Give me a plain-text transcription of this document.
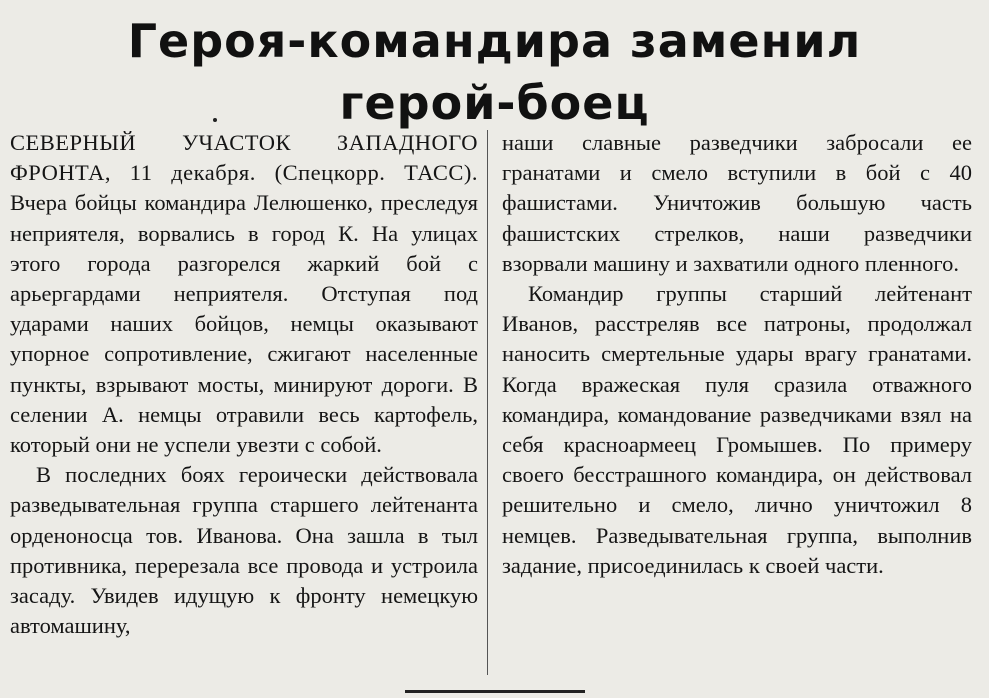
Героя-командира заменил
герой-боец

СЕВЕРНЫЙ УЧАСТОК ЗАПАДНОГО ФРОНТА, 11 декабря. (Спецкорр. ТАСС). Вчера бойцы командира Лелюшенко, преследуя неприятеля, ворвались в город К. На улицах этого города разгорелся жаркий бой с арьергардами неприятеля. Отступая под ударами наших бойцов, немцы оказывают упорное сопротивление, сжигают населенные пункты, взрывают мосты, минируют дороги. В селении А. немцы отравили весь картофель, который они не успели увезти с собой.

В последних боях героически действовала разведывательная группа старшего лейтенанта орденоносца тов. Иванова. Она зашла в тыл противника, перерезала все провода и устроила засаду. Увидев идущую к фронту немецкую автомашину,

наши славные разведчики забросали ее гранатами и смело вступили в бой с 40 фашистами. Уничтожив большую часть фашистских стрелков, наши разведчики взорвали машину и захватили одного пленного.

Командир группы старший лейтенант Иванов, расстреляв все патроны, продолжал наносить смертельные удары врагу гранатами. Когда вражеская пуля сразила отважного командира, командование разведчиками взял на себя красноармеец Громышев. По примеру своего бесстрашного командира, он действовал решительно и смело, лично уничтожил 8 немцев. Разведывательная группа, выполнив задание, присоединилась к своей части.
